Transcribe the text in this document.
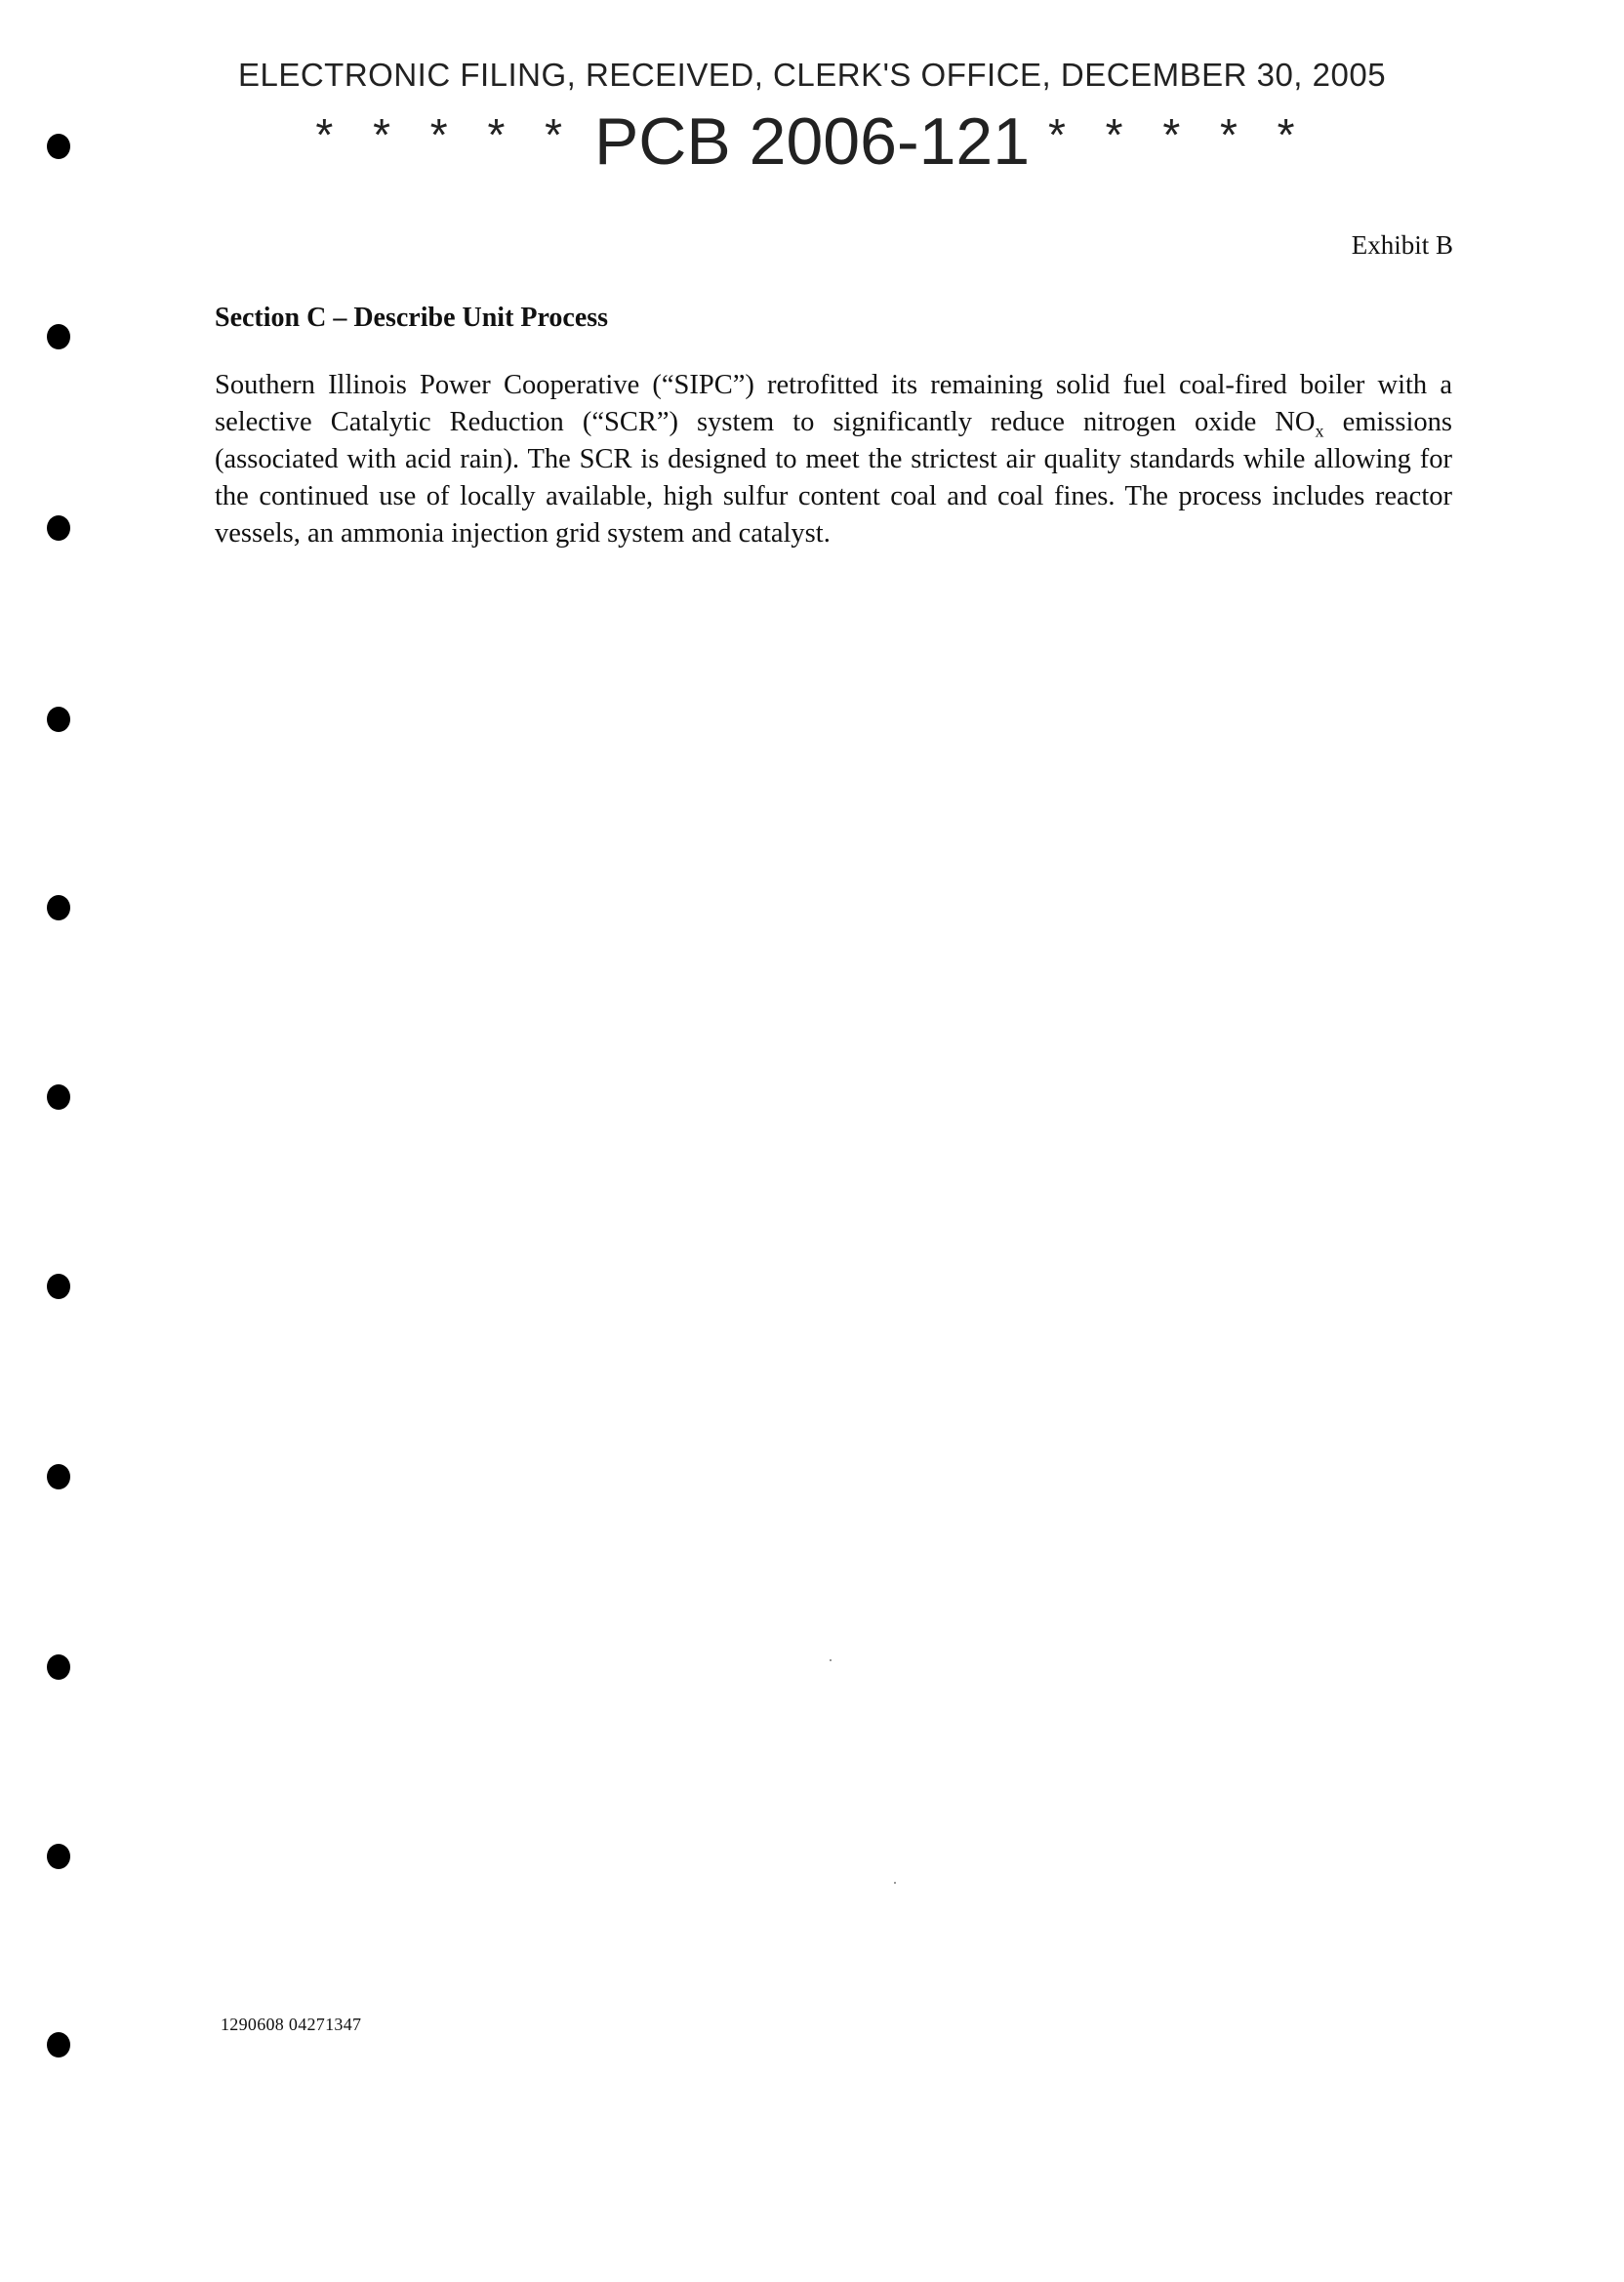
ELECTRONIC FILING, RECEIVED, CLERK'S OFFICE, DECEMBER 30, 2005
* * * * * PCB 2006-121 * * * * *
Exhibit B
Section C – Describe Unit Process

Southern Illinois Power Cooperative (“SIPC”) retrofitted its remaining solid fuel coal-fired boiler with a selective Catalytic Reduction (“SCR”) system to significantly reduce nitrogen oxide $NO_x$ emissions (associated with acid rain). The SCR is designed to meet the strictest air quality standards while allowing for the continued use of locally available, high sulfur content coal and coal fines. The process includes reactor vessels, an ammonia injection grid system and catalyst.

1290608 04271347
